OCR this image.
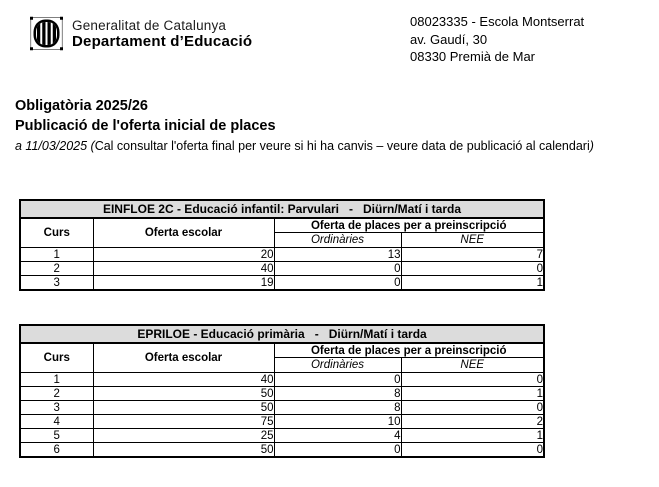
Generalitat de Catalunya
Departament d’Educació
08023335 - Escola Montserrat
av. Gaudí, 30
08330 Premià de Mar
Obligatòria 2025/26
Publicació de l'oferta inicial de places
a 11/03/2025 (Cal consultar l'oferta final per veure si hi ha canvis – veure data de publicació al calendari)
EINFLOE 2C - Educació infantil: Parvulari   -   Diürn/Matí i tarda			
Curs	Oferta escolar	Oferta de places per a preinscripció	
		Ordinàries	NEE
1	20	13	7
2	40	0	0
3	19	0	1
EPRILOE - Educació primària   -   Diürn/Matí i tarda			
Curs	Oferta escolar	Oferta de places per a preinscripció	
		Ordinàries	NEE
1	40	0	0
2	50	8	1
3	50	8	0
4	75	10	2
5	25	4	1
6	50	0	0
